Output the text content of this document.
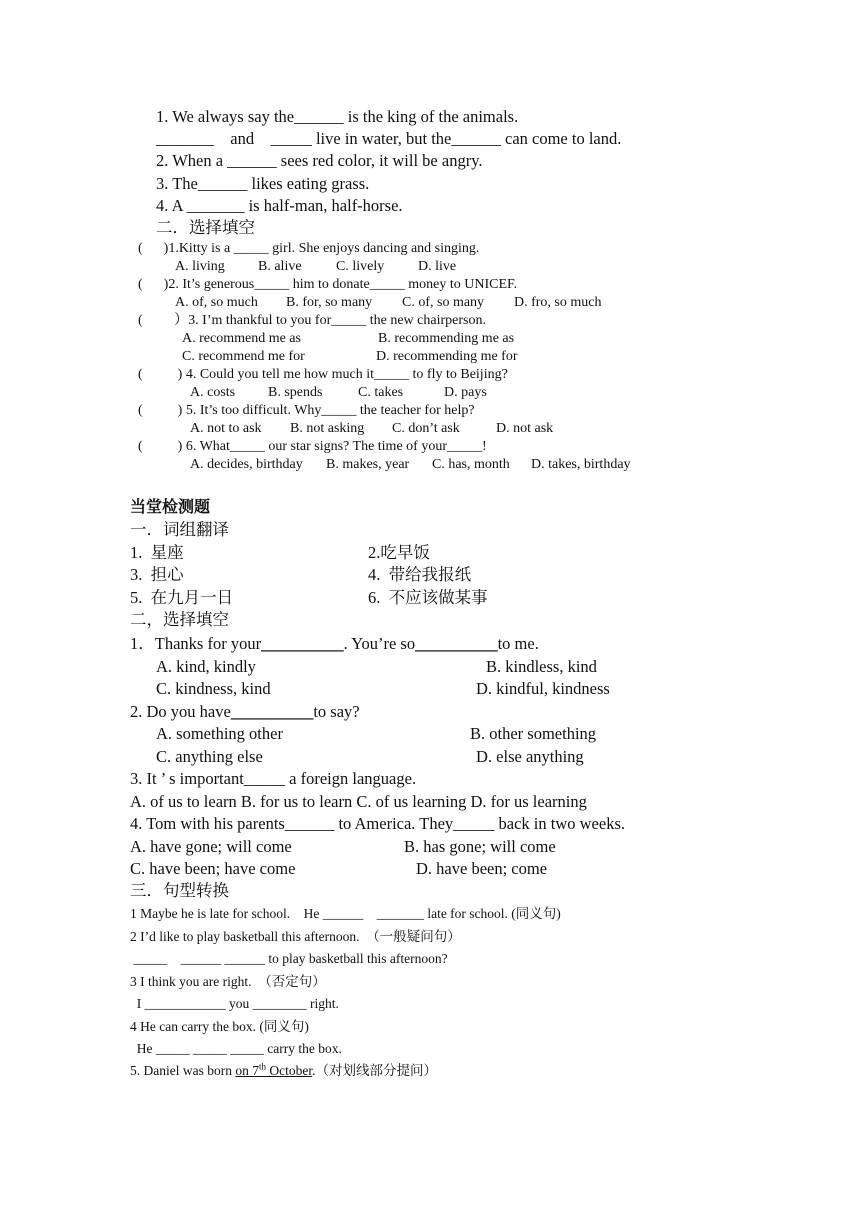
1. We always say the______ is the king of the animals.
_______    and    _____ live in water, but the______ can come to land.
2. When a ______ sees red color, it will be angry.
3. The______ likes eating grass.
4. A _______ is half-man, half-horse.
二．选择填空
(      )1.Kitty is a _____ girl. She enjoys dancing and singing.
A. living B. alive C. lively D. live
(      )2. It’s generous_____ him to donate_____ money to UNICEF.
A. of, so much B. for, so many C. of, so many D. fro, so much
(         ）3. I’m thankful to you for_____ the new chairperson.
A. recommend me as	B. recommending me as
C. recommend me for	D. recommending me for
(          ) 4. Could you tell me how much it_____ to fly to Beijing?
A. costs B. spends	C. takes	D. pays
(          ) 5. It’s too difficult. Why_____ the teacher for help?
A. not to ask B. not asking C. don’t ask	D. not ask
(          ) 6. What_____ our star signs? The time of your_____!
A. decides, birthday B. makes, year C. has, month D. takes, birthday
当堂检测题
一．词组翻译
1.  星座	2.吃早饭
3.  担心	4.  带给我报纸
5.  在九月一日	6.  不应该做某事
二，选择填空
1．Thanks for your__________. You’re so__________to me.
A. kind, kindly	B. kindless, kind
C. kindness, kind	D. kindful, kindness
2. Do you have__________to say?
A. something other	B. other something
C. anything else	D. else anything
3. It ’ s important_____ a foreign language.
A. of us to learn B. for us to learn C. of us learning D. for us learning
4. Tom with his parents______ to America. They_____ back in two weeks.
A. have gone; will come	B. has gone; will come
C. have been; have come	D. have been; come
三．句型转换
1 Maybe he is late for school.    He ______    _______ late for school. (同义句)
2 I’d like to play basketball this afternoon.  （一般疑问句）
_____    ______ ______ to play basketball this afternoon?
3 I think you are right.  （否定句）
I ____________ you ________ right.
4 He can carry the box. (同义句)
He _____ _____ _____ carry the box.
5. Daniel was born on 7th October.（对划线部分提问）
